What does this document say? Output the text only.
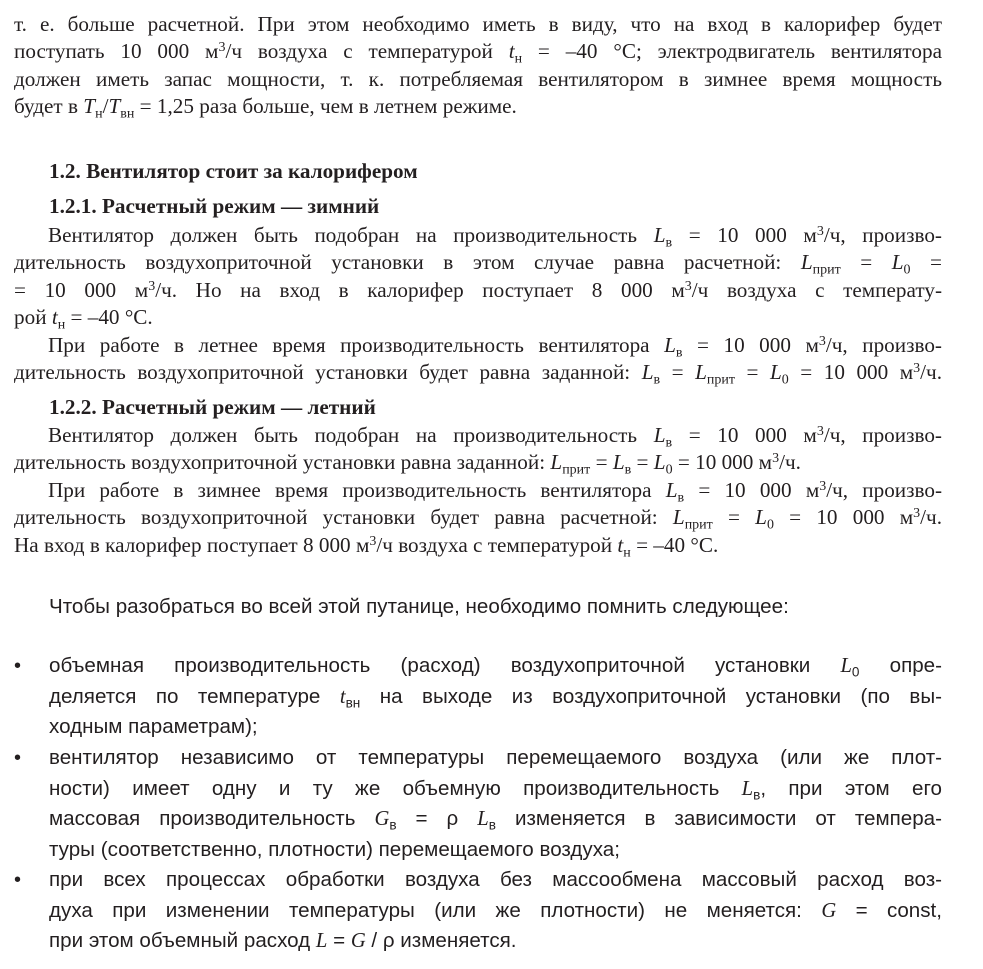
т. е. больше расчетной. При этом необходимо иметь в виду, что на вход в калорифер будет
поступать 10 000 $м^3/ч$ воздуха с температурой $t_н = -40$ °C; электродвигатель вентилятора
должен иметь запас мощности, т. к. потребляемая вентилятором в зимнее время мощность
будет в $T_н/T_{вн} = 1,25$ раза больше, чем в летнем режиме.
1.2. Вентилятор стоит за калорифером
1.2.1. Расчетный режим — зимний
Вентилятор должен быть подобран на производительность $L_в = 10$ 000 $м^3/ч$, произво-
дительность воздухоприточной установки в этом случае равна расчетной: $L_{прит} = L_0$ =
= 10 000 $м^3/ч$. Но на вход в калорифер поступает 8 000 $м^3/ч$ воздуха с температу-
рой $t_н = -40$ °C.
При работе в летнее время производительность вентилятора $L_в = 10$ 000 $м^3/ч$, произво-
дительность воздухоприточной установки будет равна заданной: $L_в = L_{прит} = L_0 = 10$ 000 $м^3/ч$.
1.2.2. Расчетный режим — летний
Вентилятор должен быть подобран на производительность $L_в = 10$ 000 $м^3/ч$, произво-
дительность воздухоприточной установки равна заданной: $L_{прит} = L_в = L_0 = 10$ 000 $м^3/ч$.
При работе в зимнее время производительность вентилятора $L_в = 10$ 000 $м^3/ч$, произво-
дительность воздухоприточной установки будет равна расчетной: $L_{прит} = L_0 = 10$ 000 $м^3/ч$.
На вход в калорифер поступает 8 000 $м^3/ч$ воздуха с температурой $t_н = -40$ °C.
Чтобы разобраться во всей этой путанице, необходимо помнить следующее:
•	объемная производительность (расход) воздухоприточной установки $L_0$ опре-
деляется по температуре $t_{вн}$ на выходе из воздухоприточной установки (по вы-
ходным параметрам);
•	вентилятор независимо от температуры перемещаемого воздуха (или же плот-
ности) имеет одну и ту же объемную производительность $L_в$, при этом его
массовая производительность $G_в = \rho$ $L_в$ изменяется в зависимости от темпера-
туры (соответственно, плотности) перемещаемого воздуха;
•	при всех процессах обработки воздуха без массообмена массовый расход воз-
духа при изменении температуры (или же плотности) не меняется: G = const,
при этом объемный расход L = G / ρ изменяется.
